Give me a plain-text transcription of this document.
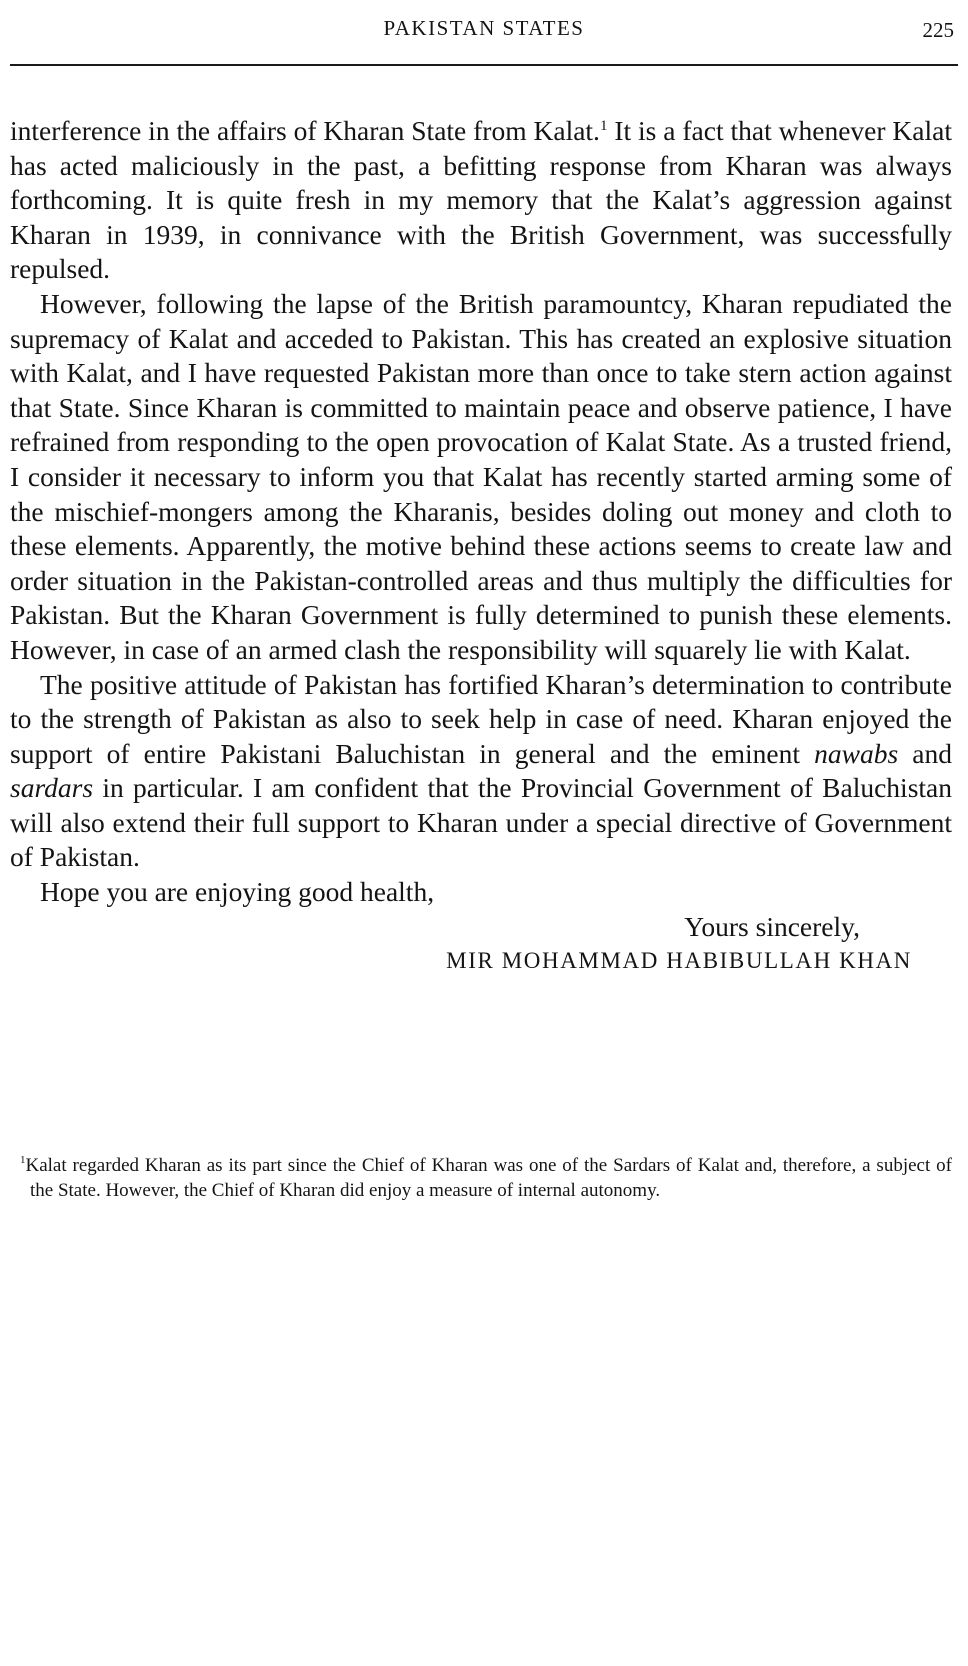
PAKISTAN STATES	225

interference in the affairs of Kharan State from Kalat.$^1$ It is a fact that whenever Kalat has acted maliciously in the past, a befitting response from Kharan was always forthcoming. It is quite fresh in my memory that the Kalat’s aggression against Kharan in 1939, in connivance with the British Government, was successfully repulsed.

However, following the lapse of the British paramountcy, Kharan repudiated the supremacy of Kalat and acceded to Pakistan. This has created an explosive situation with Kalat, and I have requested Pakistan more than once to take stern action against that State. Since Kharan is committed to maintain peace and observe patience, I have refrained from responding to the open provocation of Kalat State. As a trusted friend, I consider it necessary to inform you that Kalat has recently started arming some of the mischief-mongers among the Kharanis, besides doling out money and cloth to these elements. Apparently, the motive behind these actions seems to create law and order situation in the Pakistan-controlled areas and thus multiply the difficulties for Pakistan. But the Kharan Government is fully determined to punish these elements. However, in case of an armed clash the responsibility will squarely lie with Kalat.

The positive attitude of Pakistan has fortified Kharan’s determination to contribute to the strength of Pakistan as also to seek help in case of need. Kharan enjoyed the support of entire Pakistani Baluchistan in general and the eminent nawabs and sardars in particular. I am confident that the Provincial Government of Baluchistan will also extend their full support to Kharan under a special directive of Government of Pakistan.

Hope you are enjoying good health,

Yours sincerely,

MIR MOHAMMAD HABIBULLAH KHAN

$^1$Kalat regarded Kharan as its part since the Chief of Kharan was one of the Sardars of Kalat and, therefore, a subject of the State. However, the Chief of Kharan did enjoy a measure of internal autonomy.
